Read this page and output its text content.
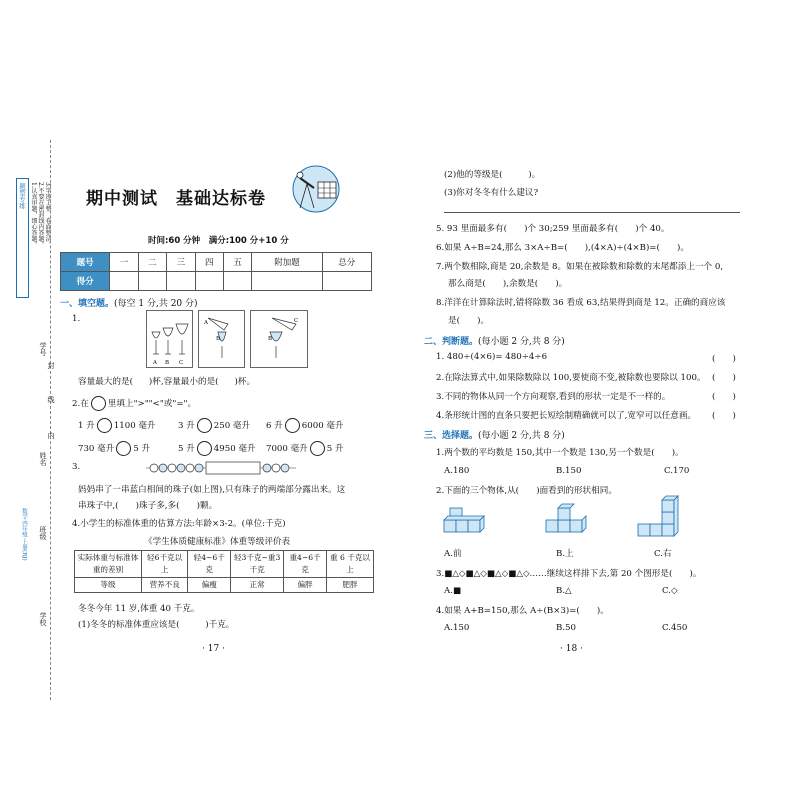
题型专练 1.认真审题，细心答题。 2.不要在密封线内答题。 3.字迹工整，卷面整洁。
数学·四年级·上册(RJ)
封
线
内
学号
姓名
班级
学校
期中测试　基础达标卷
时间:60 分钟　满分:100 分+10 分
题号	一	二	三	四	五	附加题	总分
得分							
一、填空题。(每空 1 分,共 20 分)
1.
A B C
A
B
C
B
容量最大的是( )杯,容量最小的是( )杯。
2.在 里填上">""<"或"="。
1 升 1100 毫升	3 升 250 毫升 6 升 6000 毫升
730 毫升 5 升	5 升 4950 毫升 7000 毫升 5 升
3.
妈妈串了一串蓝白相间的珠子(如上图),只有珠子的两端部分露出来。这
串珠子中,(　　)珠子多,多(　　)颗。
4.小学生的标准体重的估算方法:年龄×3-2。(单位:千克)
《学生体质健康标准》体重等级评价表
实际体重与标准体重的差别	轻6千克以上	轻4~6千克	轻3千克~重3千克	重4~6千克	重 6 千克以上
等级	营养不良	偏瘦	正常	偏胖	肥胖
冬冬今年 11 岁,体重 40 千克。
(1)冬冬的标准体重应该是(　　　)千克。
· 17 ·
(2)他的等级是(　　　)。
(3)你对冬冬有什么建议?
5. 93 里面最多有(　　)个 30;259 里面最多有(　　)个 40。
6.如果 A÷B=24,那么 3×A÷B=(　　),(4×A)÷(4×B)=(　　)。
7.两个数相除,商是 20,余数是 8。如果在被除数和除数的末尾都添上一个 0,
那么商是(　　),余数是(　　)。
8.洋洋在计算除法时,错将除数 36 看成 63,结果得到商是 12。正确的商应该
是(　　)。
二、判断题。(每小题 2 分,共 8 分)
1. 480÷(4×6)= 480÷4÷6	(　　)
2.在除法算式中,如果除数除以 100,要使商不变,被除数也要除以 100。 (　　)
3.不同的物体从同一个方向观察,看到的形状一定是不一样的。	(　　)
4.条形统计图的直条只要把长短绘制精确就可以了,宽窄可以任意画。 (　　)
三、选择题。(每小题 2 分,共 8 分)
1.两个数的平均数是 150,其中一个数是 130,另一个数是(　　)。
A.180	B.150	C.170
2.下面的三个物体,从(　　)面看到的形状相同。
A.前	B.上	C.右
3.■△◇■△◇■△◇■△◇……继续这样排下去,第 20 个图形是(　　)。
A.■	B.△	C.◇
4.如果 A+B=150,那么 A÷(B×3)=(　　)。
A.150	B.50	C.450
· 18 ·
